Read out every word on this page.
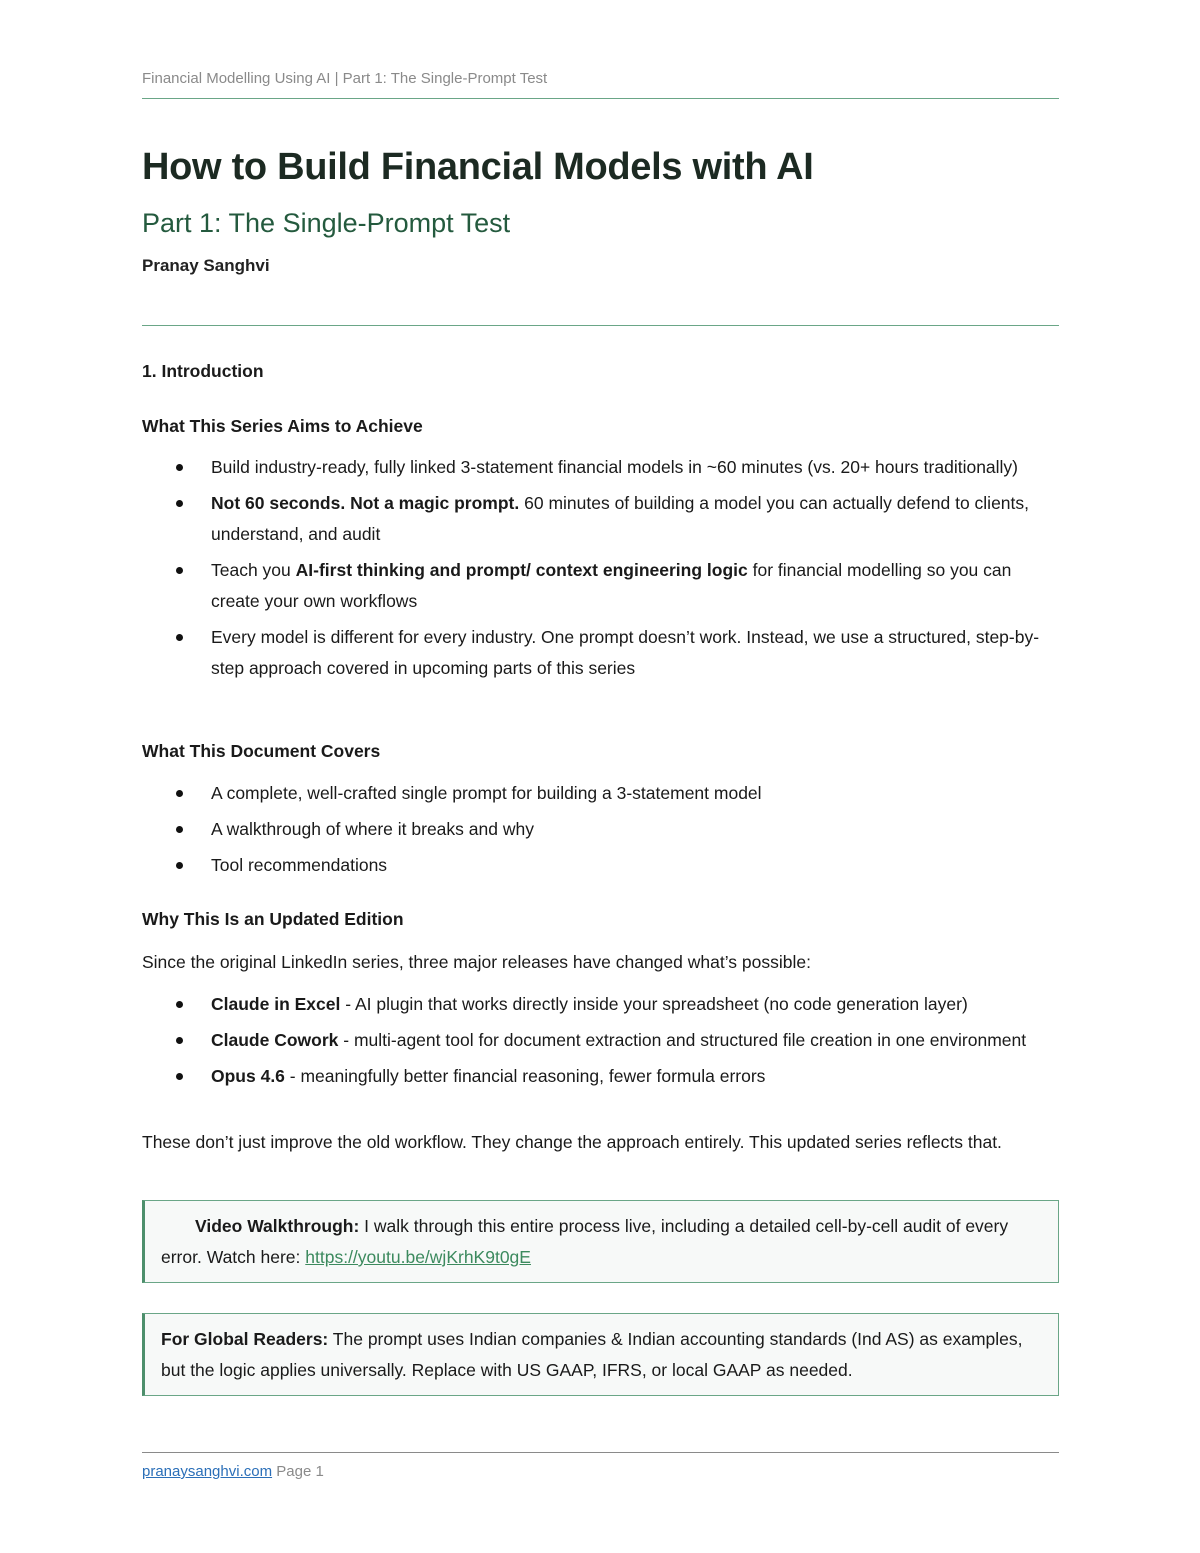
Financial Modelling Using AI | Part 1: The Single-Prompt Test
How to Build Financial Models with AI
Part 1: The Single-Prompt Test
Pranay Sanghvi
1. Introduction
What This Series Aims to Achieve
Build industry-ready, fully linked 3-statement financial models in ~60 minutes (vs. 20+ hours traditionally)
Not 60 seconds. Not a magic prompt. 60 minutes of building a model you can actually defend to clients, understand, and audit
Teach you AI-first thinking and prompt/ context engineering logic for financial modelling so you can create your own workflows
Every model is different for every industry. One prompt doesn’t work. Instead, we use a structured, step-by-step approach covered in upcoming parts of this series
What This Document Covers
A complete, well-crafted single prompt for building a 3-statement model
A walkthrough of where it breaks and why
Tool recommendations
Why This Is an Updated Edition
Since the original LinkedIn series, three major releases have changed what’s possible:
Claude in Excel - AI plugin that works directly inside your spreadsheet (no code generation layer)
Claude Cowork - multi-agent tool for document extraction and structured file creation in one environment
Opus 4.6 - meaningfully better financial reasoning, fewer formula errors
These don’t just improve the old workflow. They change the approach entirely. This updated series reflects that.
Video Walkthrough: I walk through this entire process live, including a detailed cell-by-cell audit of every error. Watch here: https://youtu.be/wjKrhK9t0gE
For Global Readers: The prompt uses Indian companies & Indian accounting standards (Ind AS) as examples, but the logic applies universally. Replace with US GAAP, IFRS, or local GAAP as needed.
pranaysanghvi.com Page 1
